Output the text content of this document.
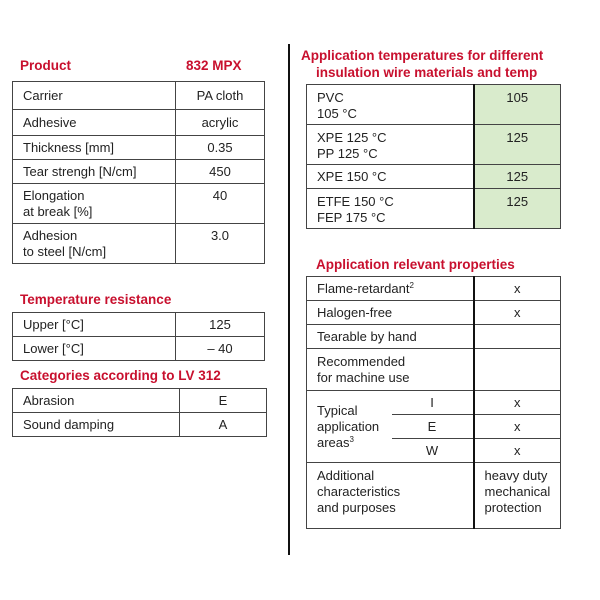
Product	832 MPX
Carrier	PA cloth
Adhesive	acrylic
Thickness [mm]	0.35
Tear strengh [N/cm]	450
Elongation
at break [%]	40
Adhesion
to steel [N/cm]	3.0
Temperature resistance
Upper [°C]	125
Lower [°C]	– 40
Categories according to LV 312
Abrasion	E
Sound damping	A
Application temperatures for different
insulation wire materials and temp
PVC
105 °C	105
XPE 125 °C
PP 125 °C	125
XPE 150 °C	125
ETFE 150 °C
FEP 175 °C	125
Application relevant properties
Flame-retardant$^2$		x
Halogen-free		x
Tearable by hand		
Recommended
for machine use		
Typical
application
areas$^3$	I	x
	E	x
	W	x
Additional
characteristics
and purposes		heavy duty
mechanical
protection
